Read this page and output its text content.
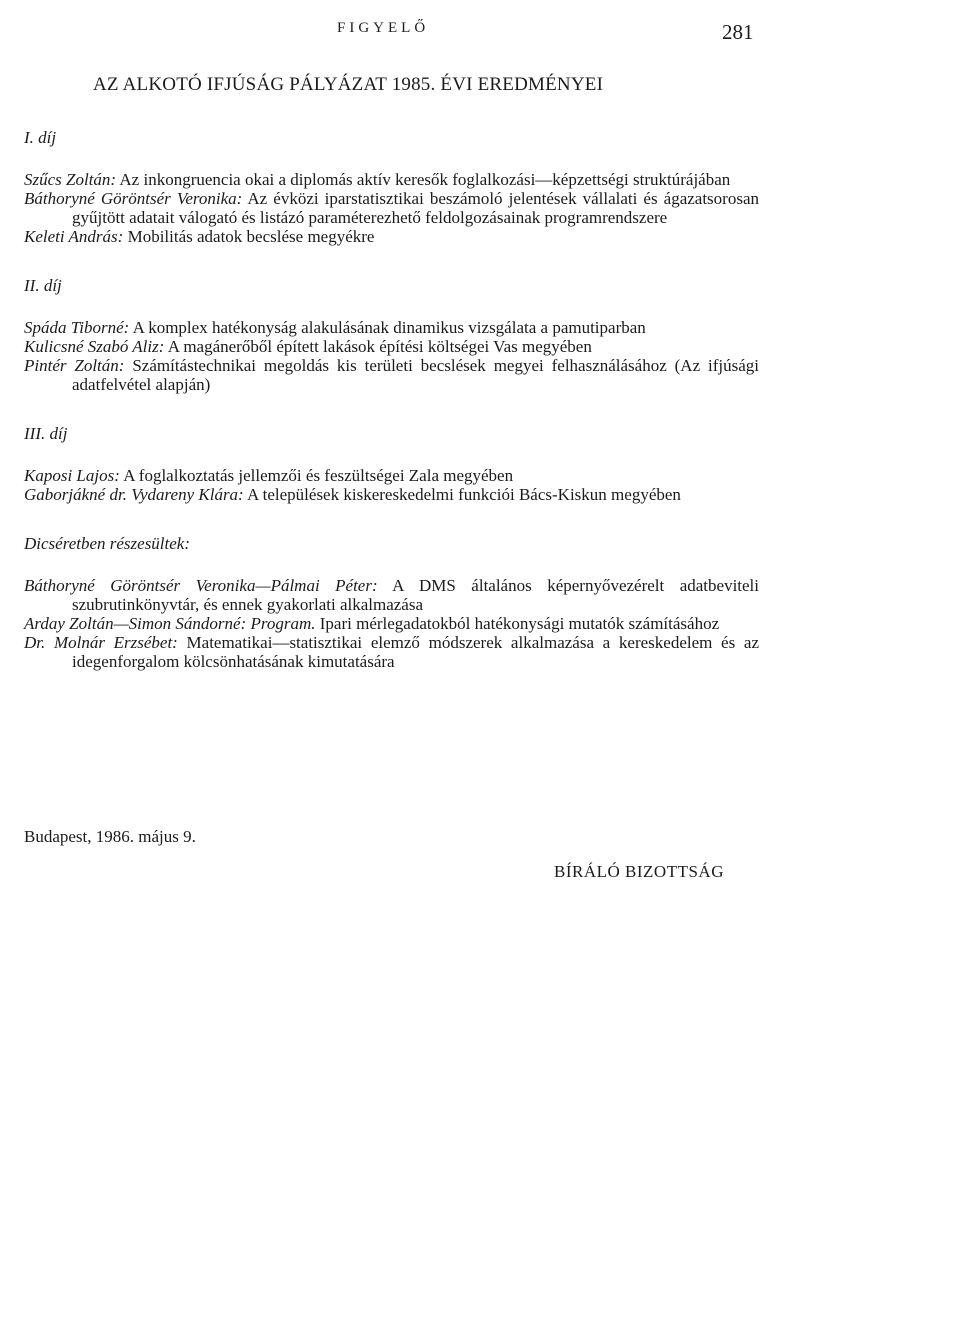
FIGYELŐ	281
AZ ALKOTÓ IFJÚSÁG PÁLYÁZAT 1985. ÉVI EREDMÉNYEI
I. díj
Szűcs Zoltán: Az inkongruencia okai a diplomás aktív keresők foglalkozási—képzettségi struktúrájában
Báthoryné Göröntsér Veronika: Az évközi iparstatisztikai beszámoló jelentések vállalati és ágazatsorosan gyűjtött adatait válogató és listázó paraméterezhető feldolgozásainak programrendszere
Keleti András: Mobilitás adatok becslése megyékre
II. díj
Spáda Tiborné: A komplex hatékonyság alakulásának dinamikus vizsgálata a pamutiparban
Kulicsné Szabó Aliz: A magánerőből épített lakások építési költségei Vas megyében
Pintér Zoltán: Számítástechnikai megoldás kis területi becslések megyei felhasználásához (Az ifjúsági adatfelvétel alapján)
III. díj
Kaposi Lajos: A foglalkoztatás jellemzői és feszültségei Zala megyében
Gaborjákné dr. Vydareny Klára: A települések kiskereskedelmi funkciói Bács-Kiskun megyében
Dicséretben részesültek:
Báthoryné Göröntsér Veronika—Pálmai Péter: A DMS általános képernyővezérelt adatbeviteli szubrutinkönyvtár, és ennek gyakorlati alkalmazása
Arday Zoltán—Simon Sándorné: Program. Ipari mérlegadatokból hatékonysági mutatók számításához
Dr. Molnár Erzsébet: Matematikai—statisztikai elemző módszerek alkalmazása a kereskedelem és az idegenforgalom kölcsönhatásának kimutatására
Budapest, 1986. május 9.
BÍRÁLÓ BIZOTTSÁG
